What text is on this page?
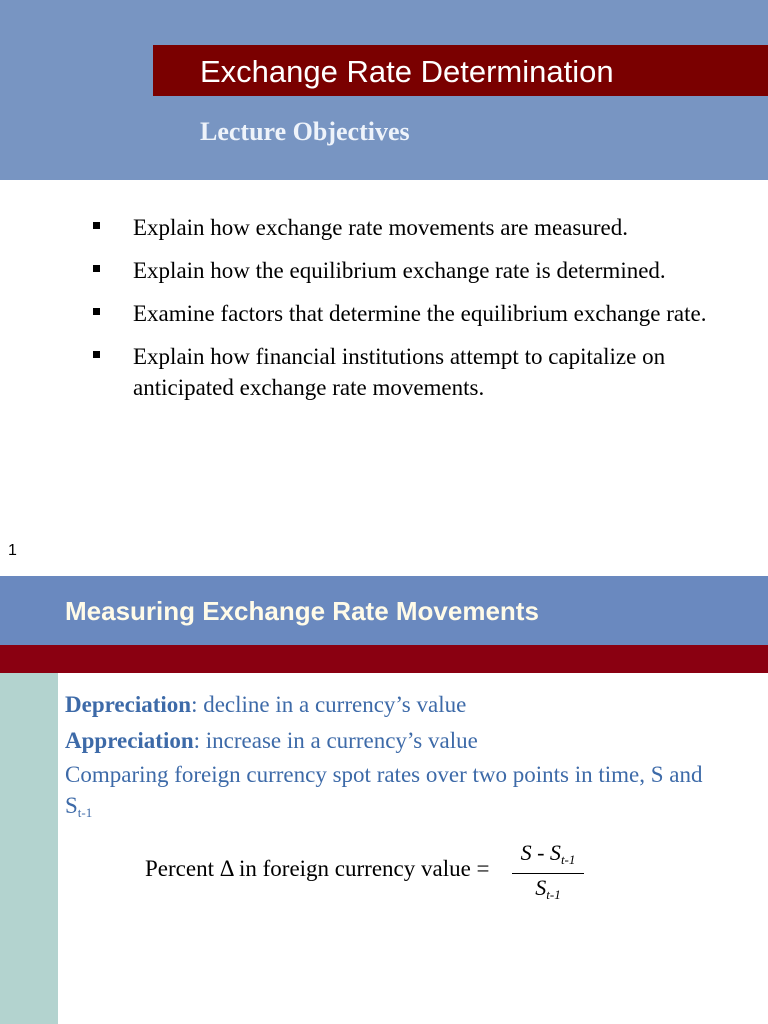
Exchange Rate Determination
Lecture Objectives
Explain how exchange rate movements are measured.
Explain how the equilibrium exchange rate is determined.
Examine factors that determine the equilibrium exchange rate.
Explain how financial institutions attempt to capitalize on anticipated exchange rate movements.
1
Measuring Exchange Rate Movements

Depreciation: decline in a currency’s value

Appreciation: increase in a currency’s value

Comparing foreign currency spot rates over two points in time, S and $S_{t-1}$

Percent Δ in foreign currency value =
S - $S_{t-1}$
$S_{t-1}$
